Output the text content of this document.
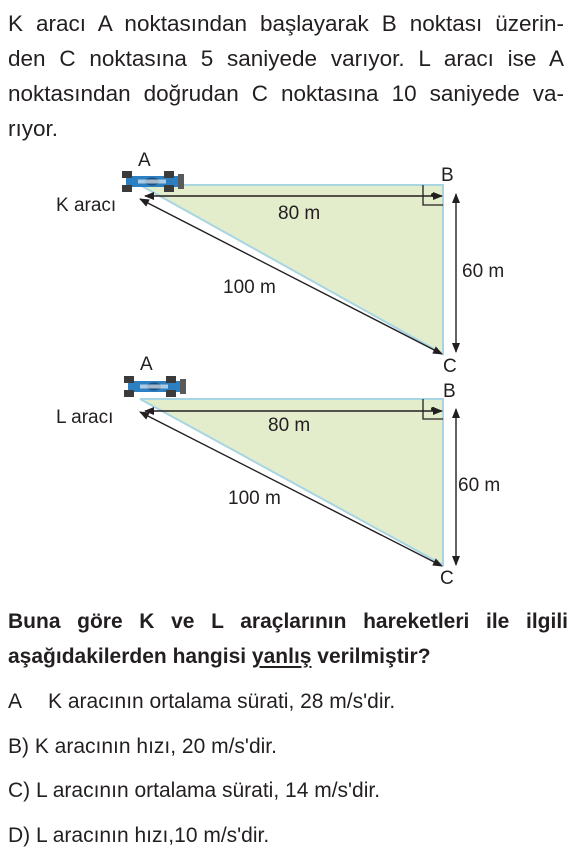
K aracı A noktasından başlayarak B noktası üzerin-
den C noktasına 5 saniyede varıyor. L aracı ise A
noktasından doğrudan C noktasına 10 saniyede va-
rıyor.
A
B
C
K aracı	80 m
60 m
100 m
A
B
C
L aracı	80 m
60 m
100 m
Buna göre K ve L araçlarının hareketleri ile ilgili
aşağıdakilerden hangisi yanlış verilmiştir?
A K aracının ortalama sürati, 28 m/s'dir.
B) K aracının hızı, 20 m/s'dir.
C) L aracının ortalama sürati, 14 m/s'dir.
D) L aracının hızı,10 m/s'dir.
